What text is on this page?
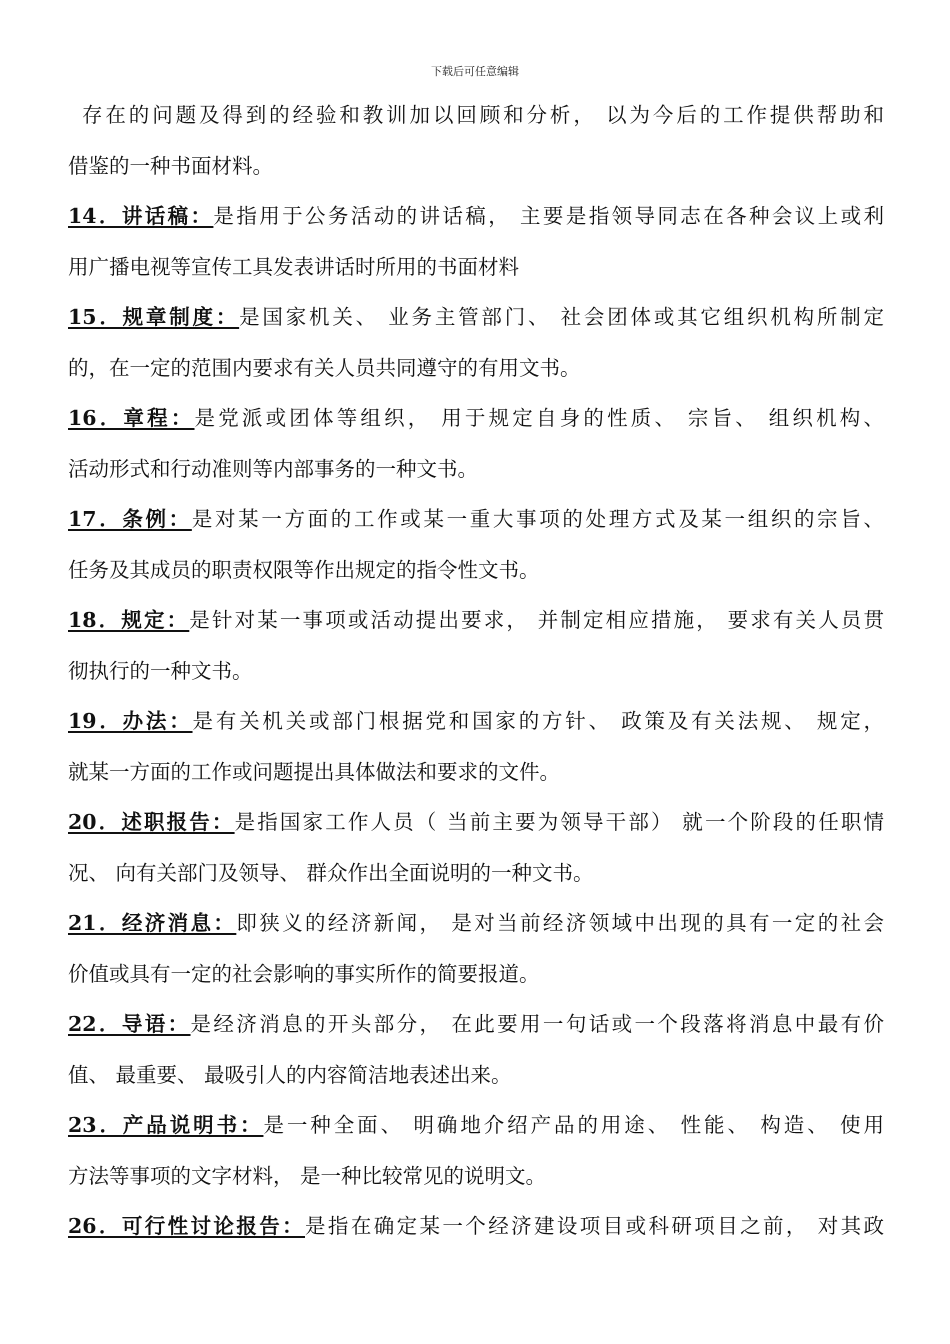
下载后可任意编辑
存在的问题及得到的经验和教训加以回顾和分析， 以为今后的工作提供帮助和
借鉴的一种书面材料。
14．讲话稿：是指用于公务活动的讲话稿， 主要是指领导同志在各种会议上或利
用广播电视等宣传工具发表讲话时所用的书面材料
15．规章制度：是国家机关、 业务主管部门、 社会团体或其它组织机构所制定
的，在一定的范围内要求有关人员共同遵守的有用文书。
16．章程：是党派或团体等组织， 用于规定自身的性质、 宗旨、 组织机构、
活动形式和行动准则等内部事务的一种文书。
17．条例：是对某一方面的工作或某一重大事项的处理方式及某一组织的宗旨、
任务及其成员的职责权限等作出规定的指令性文书。
18．规定：是针对某一事项或活动提出要求， 并制定相应措施， 要求有关人员贯
彻执行的一种文书。
19．办法：是有关机关或部门根据党和国家的方针、 政策及有关法规、 规定，
就某一方面的工作或问题提出具体做法和要求的文件。
20．述职报告：是指国家工作人员（ 当前主要为领导干部） 就一个阶段的任职情
况、 向有关部门及领导、 群众作出全面说明的一种文书。
21．经济消息：即狭义的经济新闻， 是对当前经济领域中出现的具有一定的社会
价值或具有一定的社会影响的事实所作的简要报道。
22．导语：是经济消息的开头部分， 在此要用一句话或一个段落将消息中最有价
值、 最重要、 最吸引人的内容简洁地表述出来。
23．产品说明书：是一种全面、 明确地介绍产品的用途、 性能、 构造、 使用
方法等事项的文字材料， 是一种比较常见的说明文。
26．可行性讨论报告：是指在确定某一个经济建设项目或科研项目之前， 对其政
